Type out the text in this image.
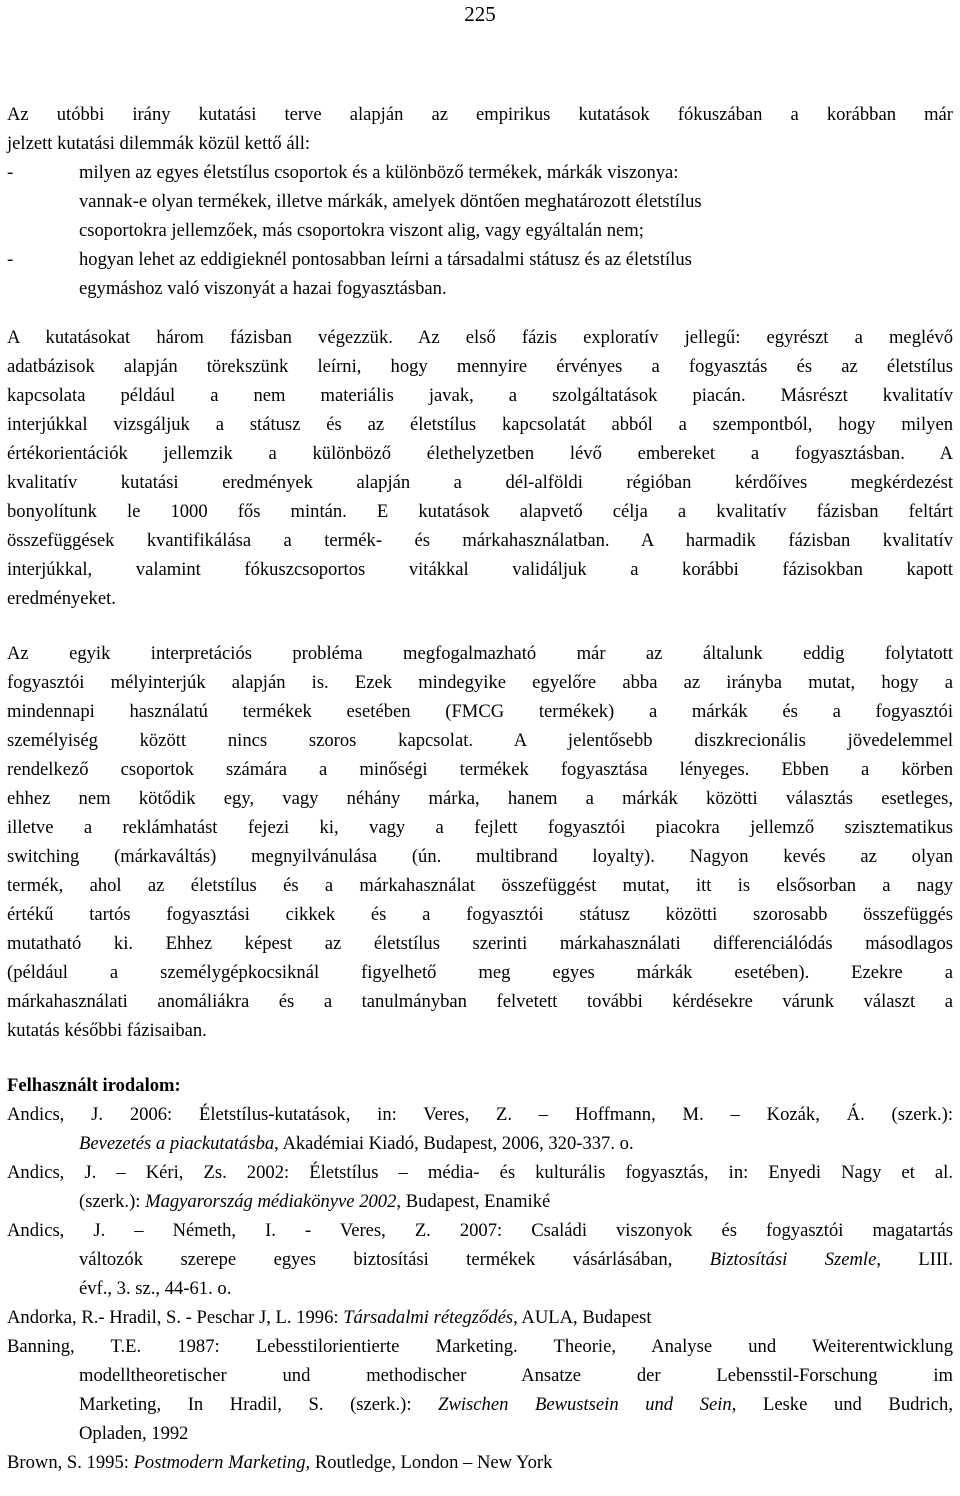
225
Az utóbbi irány kutatási terve alapján az empirikus kutatások fókuszában a korábban már
jelzett kutatási dilemmák közül kettő áll:
-	milyen az egyes életstílus csoportok és a különböző termékek, márkák viszonya:
vannak-e olyan termékek, illetve márkák, amelyek döntően meghatározott életstílus
csoportokra jellemzőek, más csoportokra viszont alig, vagy egyáltalán nem;
-	hogyan lehet az eddigieknél pontosabban leírni a társadalmi státusz és az életstílus
egymáshoz való viszonyát a hazai fogyasztásban.
A kutatásokat három fázisban végezzük. Az első fázis exploratív jellegű: egyrészt a meglévő
adatbázisok alapján törekszünk leírni, hogy mennyire érvényes a fogyasztás és az életstílus
kapcsolata például a nem materiális javak, a szolgáltatások piacán. Másrészt kvalitatív
interjúkkal vizsgáljuk a státusz és az életstílus kapcsolatát abból a szempontból, hogy milyen
értékorientációk jellemzik a különböző élethelyzetben lévő embereket a fogyasztásban. A
kvalitatív kutatási eredmények alapján a dél-alföldi régióban kérdőíves megkérdezést
bonyolítunk le 1000 fős mintán. E kutatások alapvető célja a kvalitatív fázisban feltárt
összefüggések kvantifikálása a termék- és márkahasználatban. A harmadik fázisban kvalitatív
interjúkkal, valamint fókuszcsoportos vitákkal validáljuk a korábbi fázisokban kapott
eredményeket.
Az egyik interpretációs probléma megfogalmazható már az általunk eddig folytatott
fogyasztói mélyinterjúk alapján is. Ezek mindegyike egyelőre abba az irányba mutat, hogy a
mindennapi használatú termékek esetében (FMCG termékek) a márkák és a fogyasztói
személyiség között nincs szoros kapcsolat. A jelentősebb diszkrecionális jövedelemmel
rendelkező csoportok számára a minőségi termékek fogyasztása lényeges. Ebben a körben
ehhez nem kötődik egy, vagy néhány márka, hanem a márkák közötti választás esetleges,
illetve a reklámhatást fejezi ki, vagy a fejlett fogyasztói piacokra jellemző szisztematikus
switching (márkaváltás) megnyilvánulása (ún. multibrand loyalty). Nagyon kevés az olyan
termék, ahol az életstílus és a márkahasználat összefüggést mutat, itt is elsősorban a nagy
értékű tartós fogyasztási cikkek és a fogyasztói státusz közötti szorosabb összefüggés
mutatható ki. Ehhez képest az életstílus szerinti márkahasználati differenciálódás másodlagos
(például a személygépkocsiknál figyelhető meg egyes márkák esetében). Ezekre a
márkahasználati anomáliákra és a tanulmányban felvetett további kérdésekre várunk választ a
kutatás későbbi fázisaiban.
Felhasznált irodalom:
Andics, J. 2006: Életstílus-kutatások, in: Veres, Z. – Hoffmann, M. – Kozák, Á. (szerk.):
Bevezetés a piackutatásba, Akadémiai Kiadó, Budapest, 2006, 320-337. o.
Andics, J. – Kéri, Zs. 2002: Életstílus – média- és kulturális fogyasztás, in: Enyedi Nagy et al.
(szerk.): Magyarország médiakönyve 2002, Budapest, Enamiké
Andics, J. – Németh, I. - Veres, Z. 2007: Családi viszonyok és fogyasztói magatartás
változók szerepe egyes biztosítási termékek vásárlásában, Biztosítási Szemle, LIII.
évf., 3. sz., 44-61. o.
Andorka, R.- Hradil, S. - Peschar J, L. 1996: Társadalmi rétegződés, AULA, Budapest
Banning, T.E. 1987: Lebesstilorientierte Marketing. Theorie, Analyse und Weiterentwicklung
modelltheoretischer und methodischer Ansatze der Lebensstil-Forschung im
Marketing, In Hradil, S. (szerk.): Zwischen Bewustsein und Sein, Leske und Budrich,
Opladen, 1992
Brown, S. 1995: Postmodern Marketing, Routledge, London – New York
